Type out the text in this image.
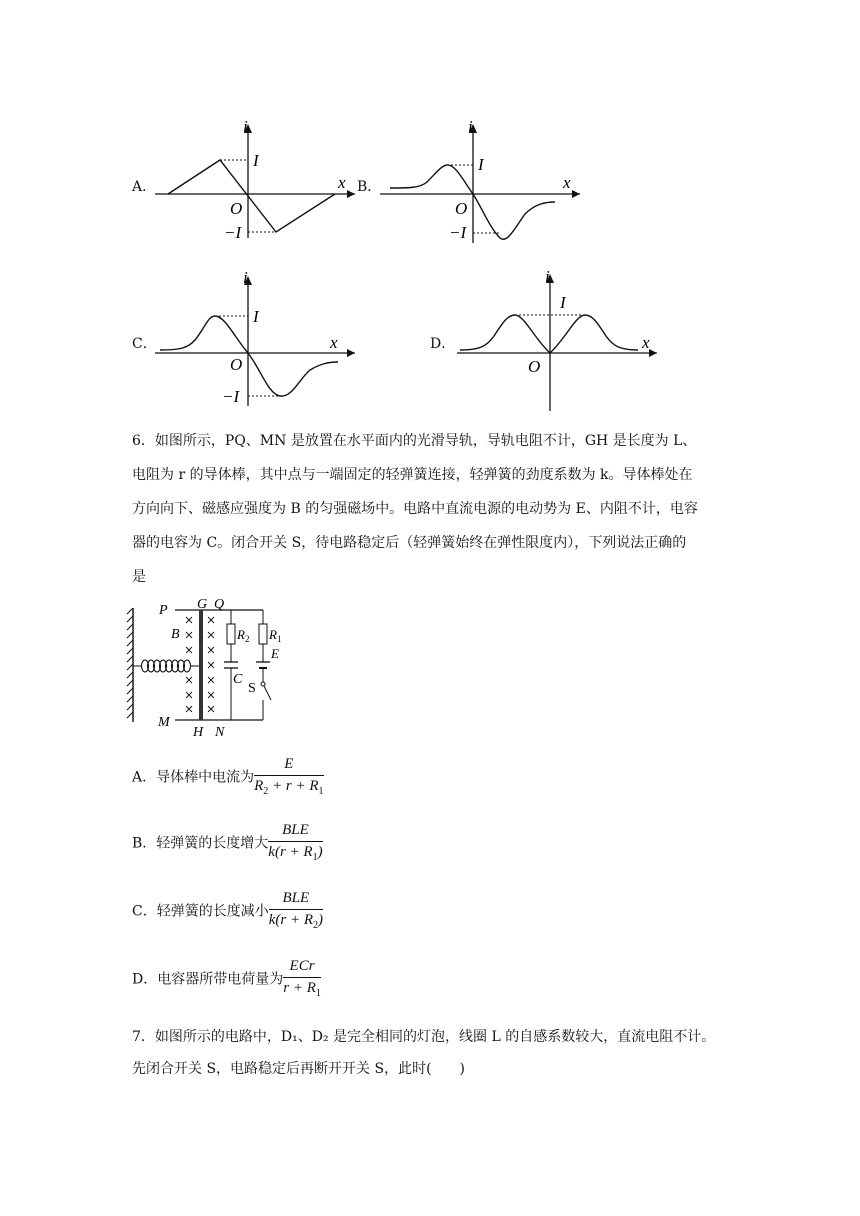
A．
i
I
x
O
−I
B．
i
I
x
O
−I
C．
i
I
x
O
−I
D．
i
I
x
O
6．如图所示，PQ、MN 是放置在水平面内的光滑导轨，导轨电阻不计，GH 是长度为 L、
电阻为 r 的导体棒，其中点与一端固定的轻弹簧连接，轻弹簧的劲度系数为 k。导体棒处在
方向向下、磁感应强度为 B 的匀强磁场中。电路中直流电源的电动势为 E、内阻不计，电容
器的电容为 C。闭合开关 S，待电路稳定后（轻弹簧始终在弹性限度内），下列说法正确的
是
P G Q
B	$R_2$ $R_1$
E
C
S
M
H N
A．导体棒中电流为 $\frac{E}{R_2 + r + R_1}$
B．轻弹簧的长度增大 $\frac{\text{BLE}}{k(r + R_1)}$
C．轻弹簧的长度减小 $\frac{\text{BLE}}{k(r + R_2)}$
D．电容器所带电荷量为 $\frac{\text{ECr}}{r + R_1}$
7．如图所示的电路中，D₁、D₂ 是完全相同的灯泡，线圈 L 的自感系数较大，直流电阻不计。
先闭合开关 S，电路稳定后再断开开关 S，此时(　　)
